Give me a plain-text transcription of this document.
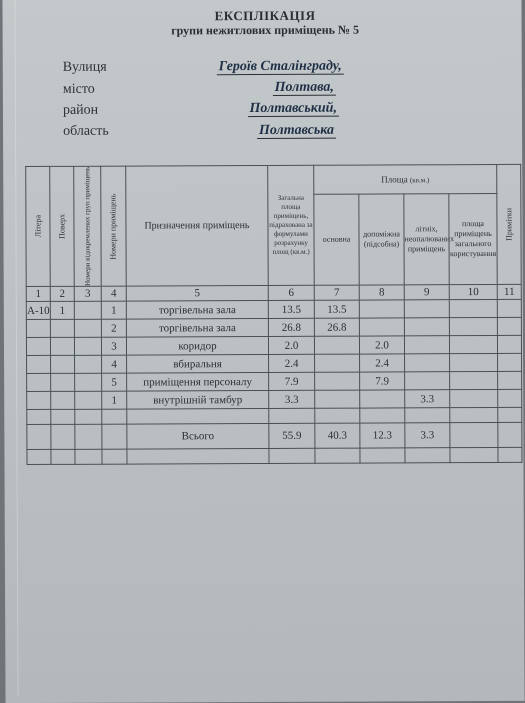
ЕКСПЛІКАЦІЯ
групи нежитлових приміщень № 5
Вулиця	Героїв Сталінграду,
місто	Полтава,
район	Полтавський,
область	Полтавська
Літера	Поверх	Номери відокремлених груп приміщень	Номери приміщень	Призначення приміщень	Загальна площа приміщень, підрахована за формулами розрахунку площ (кв.м.)	Площа (кв.м.)				Примітки

						основна	допоміжна (підсобна)	літніх, неопалюваних приміщень	площа приміщень загального користування	
1	2	3	4	5	6	7	8	9	10	11
А-10	1		1	торгівельна зала	13.5	13.5				
			2	торгівельна зала	26.8	26.8				
			3	коридор	2.0		2.0			
			4	вбиральня	2.4		2.4			
			5	приміщення персоналу	7.9		7.9			
			1	внутрішній тамбур	3.3			3.3		

				Всього	55.9	40.3	12.3	3.3		
